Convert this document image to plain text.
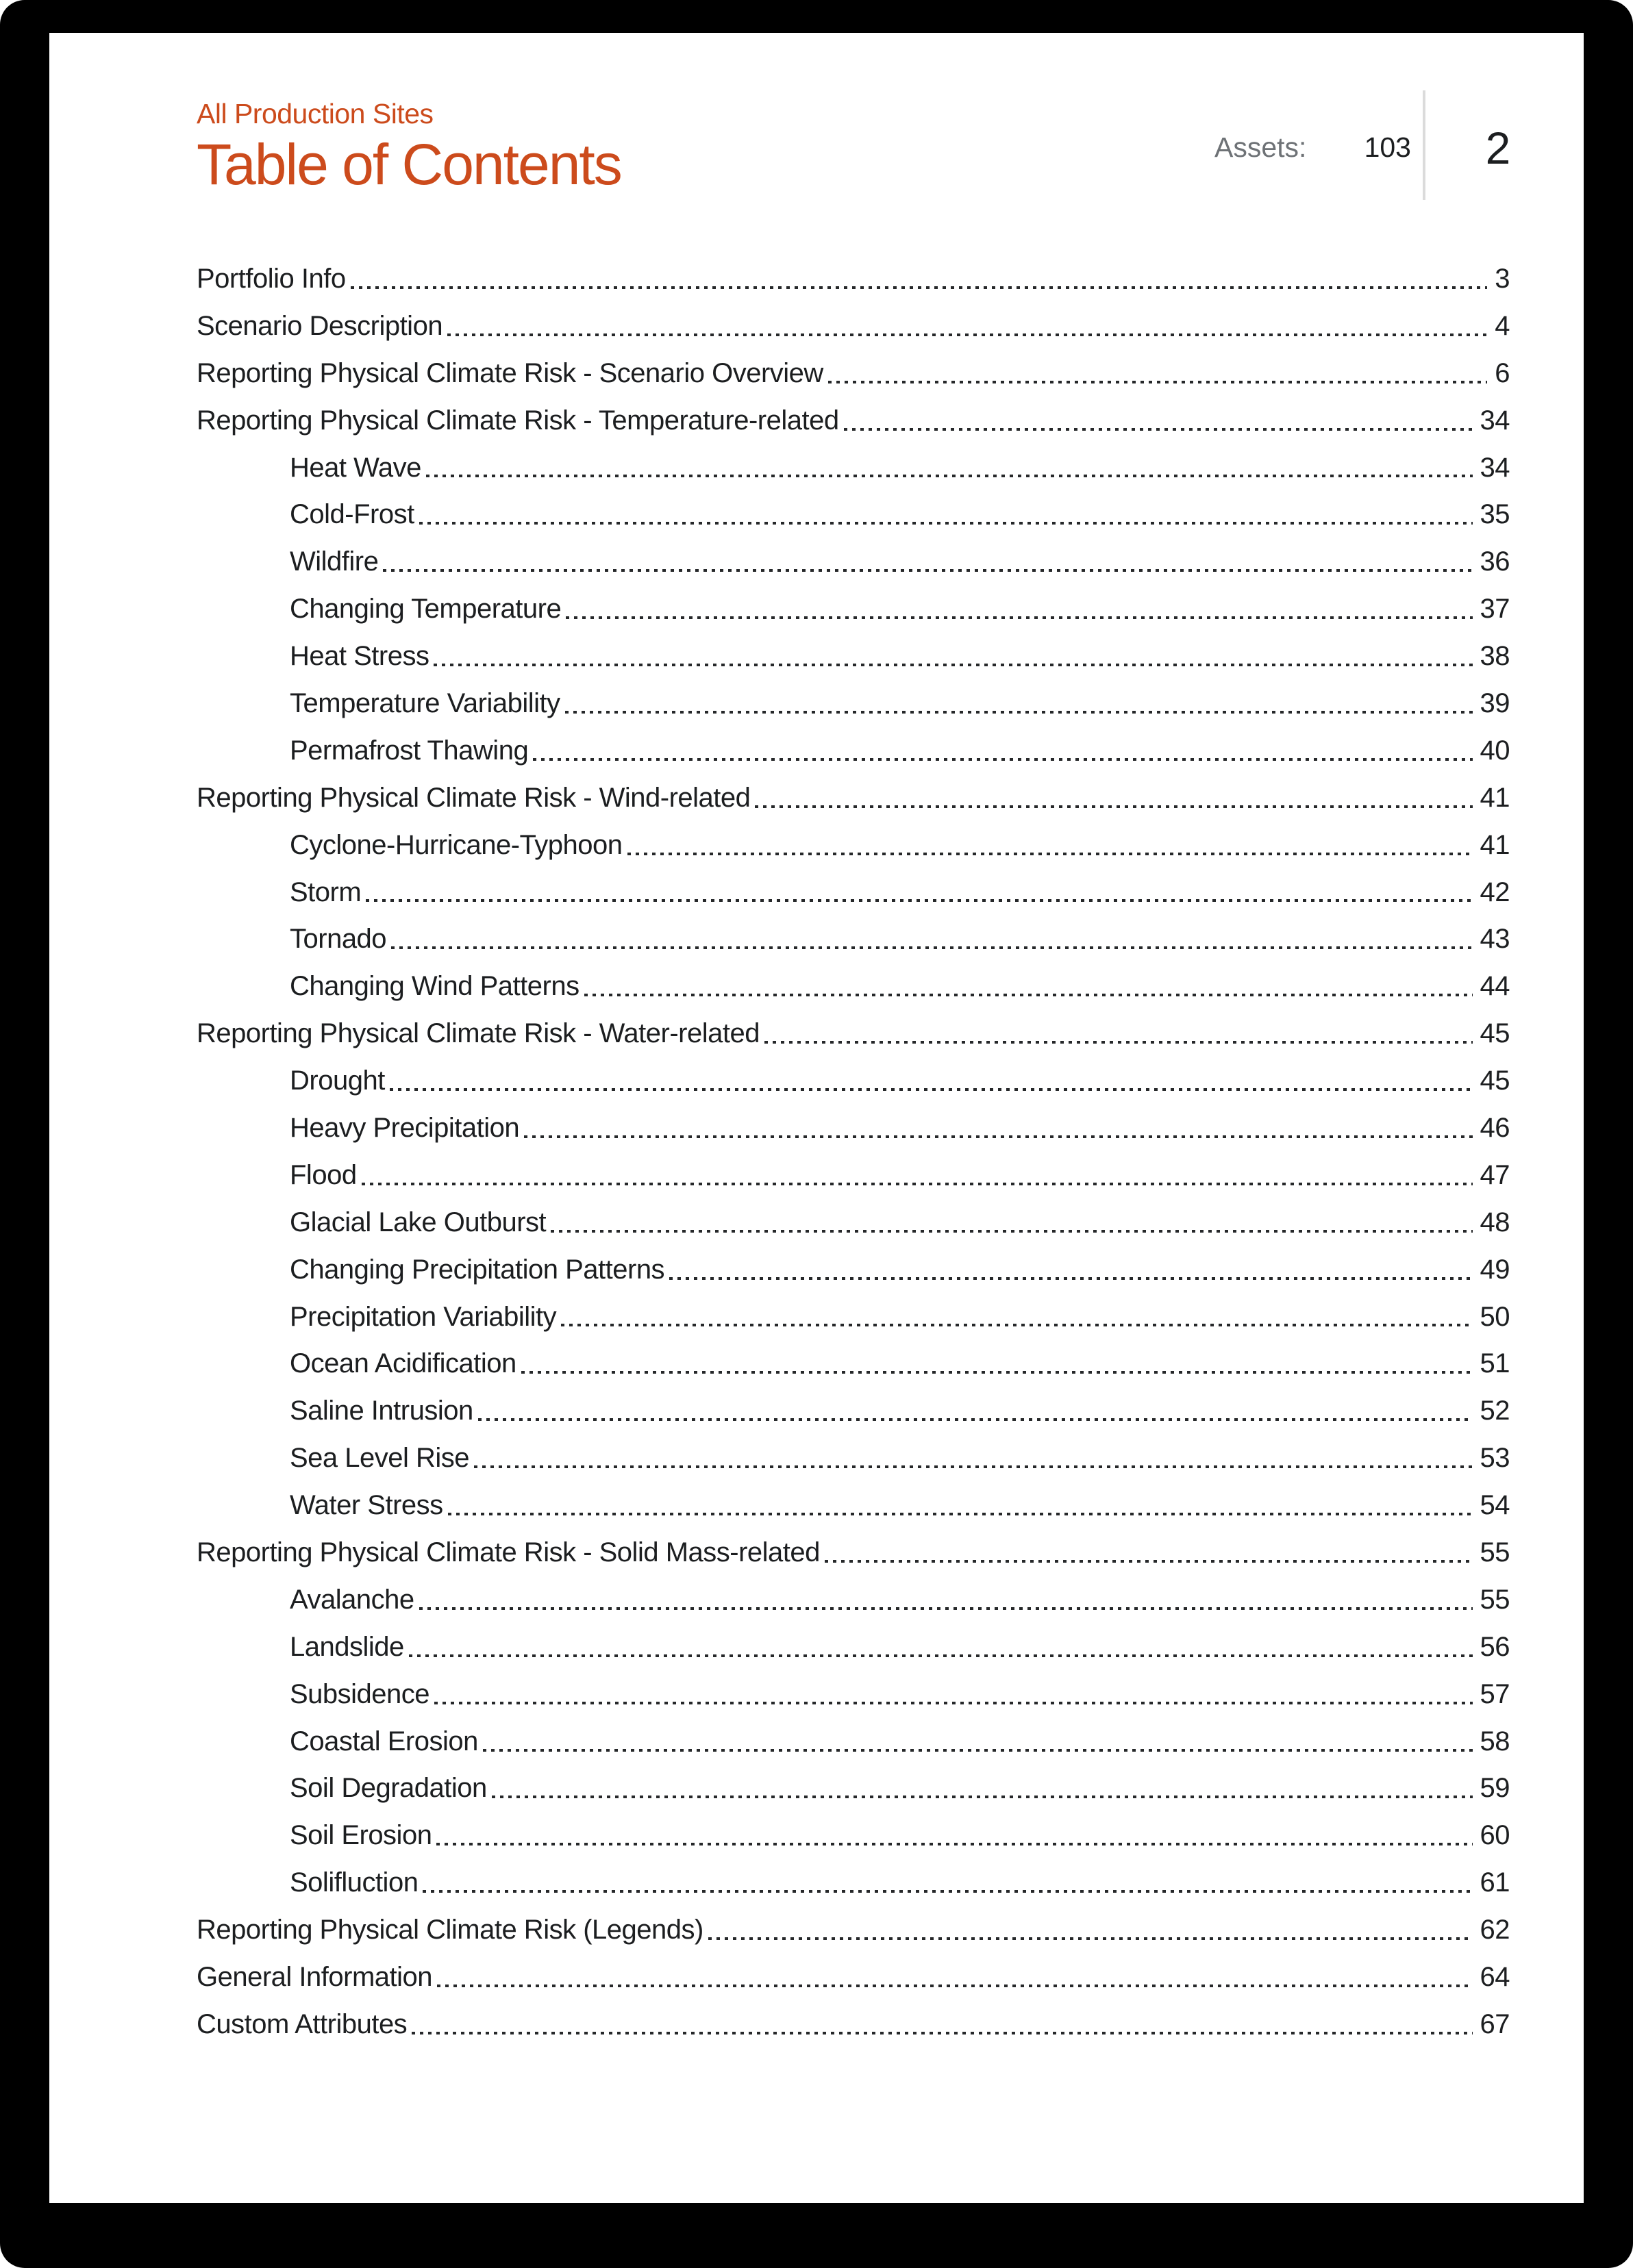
All Production Sites
Table of Contents	Assets: 103	2
Portfolio Info	3
Scenario Description	4
Reporting Physical Climate Risk - Scenario Overview	6
Reporting Physical Climate Risk - Temperature-related	34
Heat Wave	34
Cold-Frost	35
Wildfire	36
Changing Temperature	37
Heat Stress	38
Temperature Variability	39
Permafrost Thawing	40
Reporting Physical Climate Risk - Wind-related	41
Cyclone-Hurricane-Typhoon	41
Storm	42
Tornado	43
Changing Wind Patterns	44
Reporting Physical Climate Risk - Water-related	45
Drought	45
Heavy Precipitation	46
Flood	47
Glacial Lake Outburst	48
Changing Precipitation Patterns	49
Precipitation Variability	50
Ocean Acidification	51
Saline Intrusion	52
Sea Level Rise	53
Water Stress	54
Reporting Physical Climate Risk - Solid Mass-related	55
Avalanche	55
Landslide	56
Subsidence	57
Coastal Erosion	58
Soil Degradation	59
Soil Erosion	60
Solifluction	61
Reporting Physical Climate Risk (Legends)	62
General Information	64
Custom Attributes	67
